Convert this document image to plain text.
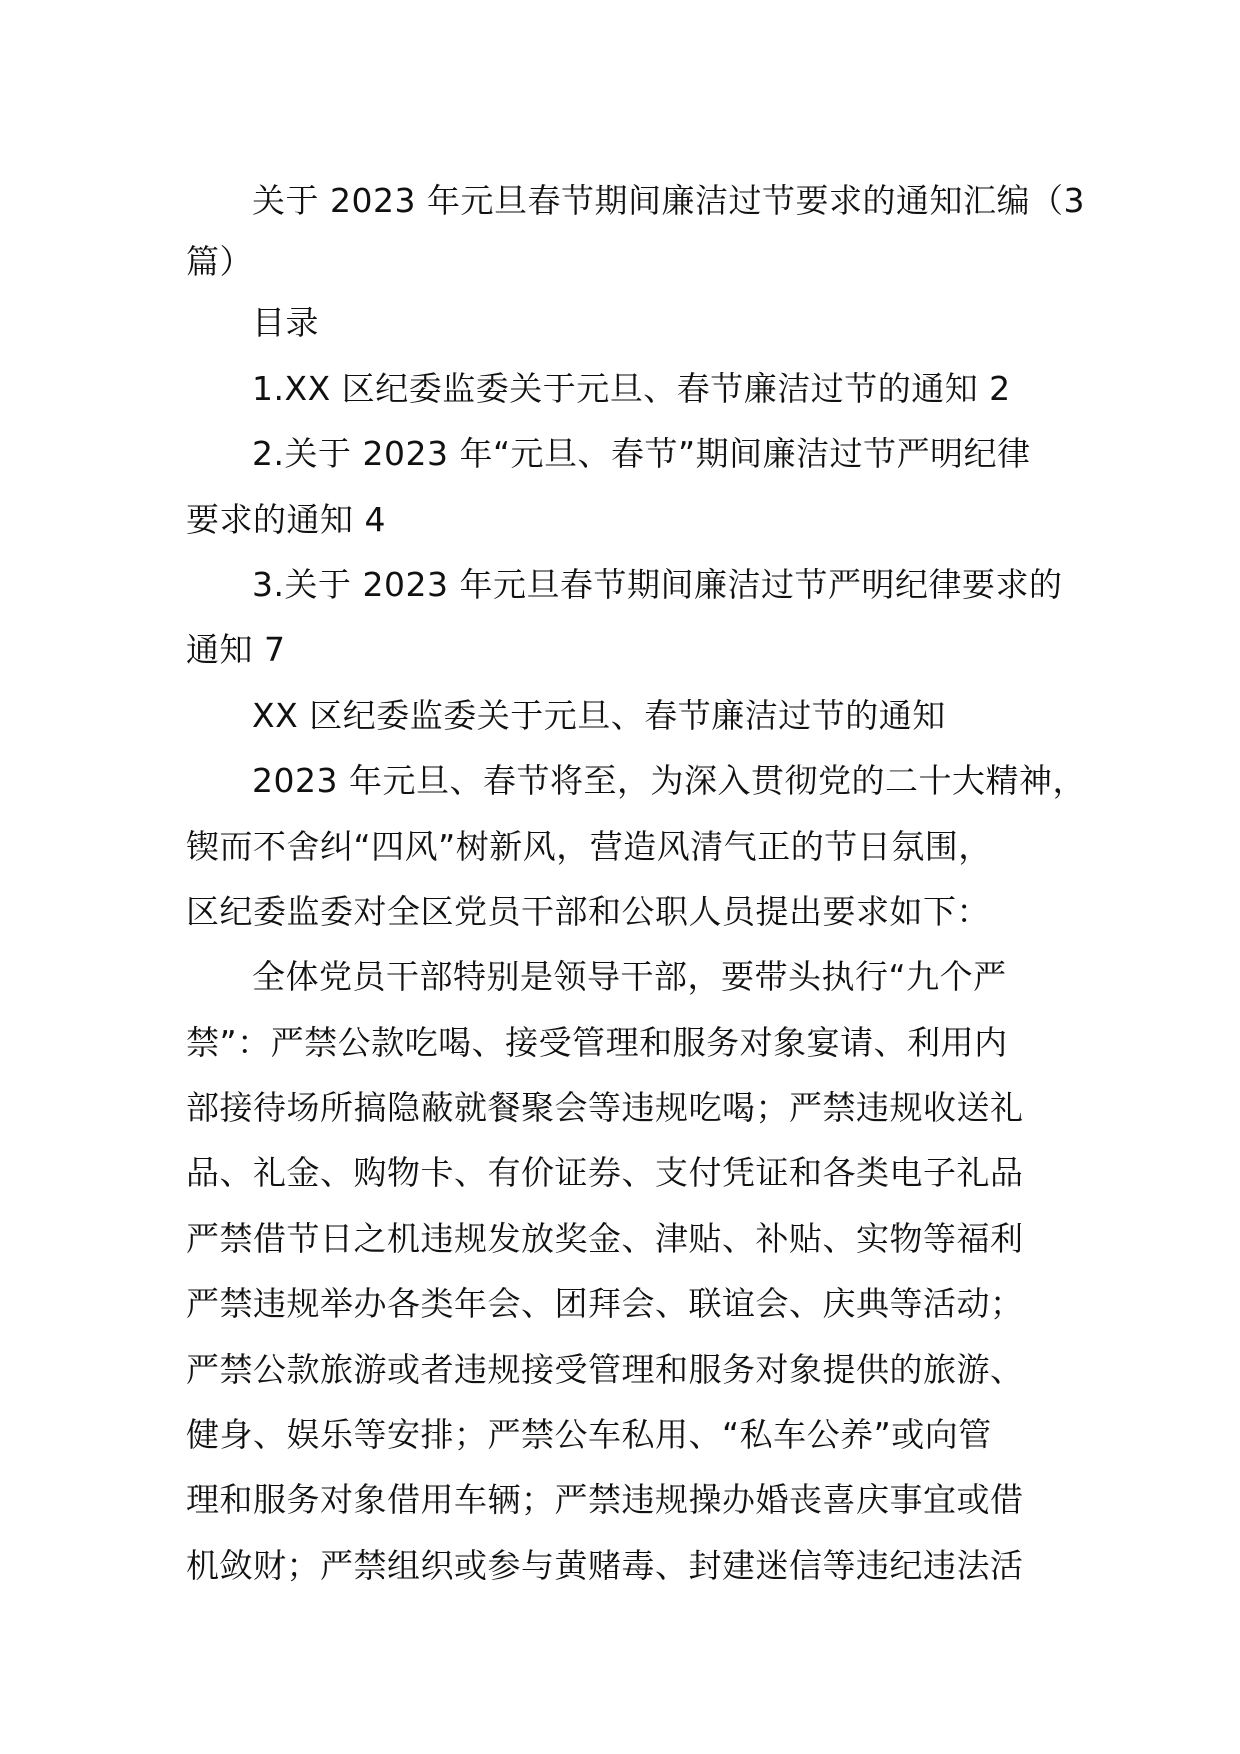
关于 2023 年元旦春节期间廉洁过节要求的通知汇编（3
篇）
目录
1.XX 区纪委监委关于元旦、春节廉洁过节的通知 2
2.关于 2023 年“元旦、春节”期间廉洁过节严明纪律
要求的通知 4
3.关于 2023 年元旦春节期间廉洁过节严明纪律要求的
通知 7
XX 区纪委监委关于元旦、春节廉洁过节的通知
2023 年元旦、春节将至，为深入贯彻党的二十大精神，
锲而不舍纠“四风”树新风，营造风清气正的节日氛围，
区纪委监委对全区党员干部和公职人员提出要求如下：
全体党员干部特别是领导干部，要带头执行“九个严
禁”：严禁公款吃喝、接受管理和服务对象宴请、利用内
部接待场所搞隐蔽就餐聚会等违规吃喝；严禁违规收送礼
品、礼金、购物卡、有价证券、支付凭证和各类电子礼品
严禁借节日之机违规发放奖金、津贴、补贴、实物等福利
严禁违规举办各类年会、团拜会、联谊会、庆典等活动；
严禁公款旅游或者违规接受管理和服务对象提供的旅游、
健身、娱乐等安排；严禁公车私用、“私车公养”或向管
理和服务对象借用车辆；严禁违规操办婚丧喜庆事宜或借
机敛财；严禁组织或参与黄赌毒、封建迷信等违纪违法活
